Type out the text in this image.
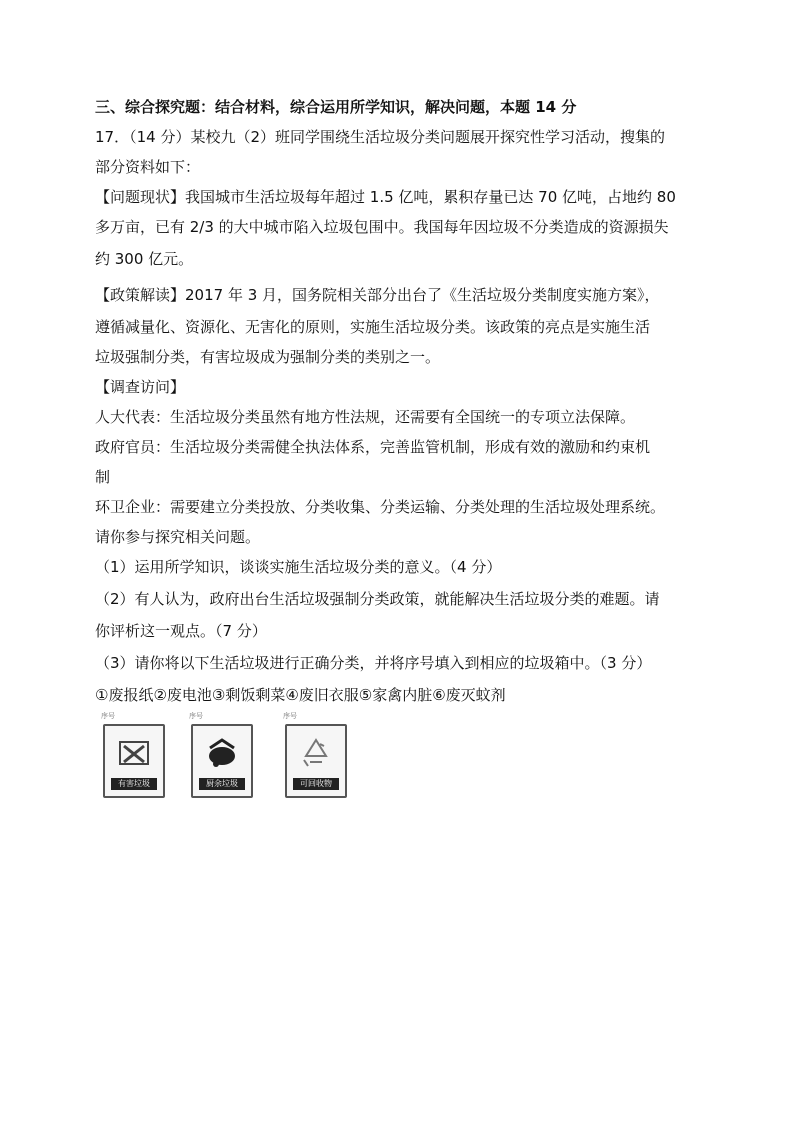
三、综合探究题：结合材料，综合运用所学知识，解决问题，本题 14 分
17．（14 分）某校九（2）班同学围绕生活垃圾分类问题展开探究性学习活动，搜集的
部分资料如下：
【问题现状】我国城市生活垃圾每年超过 1.5 亿吨，累积存量已达 70 亿吨，占地约 80
多万亩，已有 2/3 的大中城市陷入垃圾包围中。我国每年因垃圾不分类造成的资源损失
约 300 亿元。
【政策解读】2017 年 3 月，国务院相关部分出台了《生活垃圾分类制度实施方案》，
遵循减量化、资源化、无害化的原则，实施生活垃圾分类。该政策的亮点是实施生活
垃圾强制分类，有害垃圾成为强制分类的类别之一。
【调查访问】
人大代表：生活垃圾分类虽然有地方性法规，还需要有全国统一的专项立法保障。
政府官员：生活垃圾分类需健全执法体系，完善监管机制，形成有效的激励和约束机
制
环卫企业：需要建立分类投放、分类收集、分类运输、分类处理的生活垃圾处理系统。
请你参与探究相关问题。
（1）运用所学知识，谈谈实施生活垃圾分类的意义。（4 分）
（2）有人认为，政府出台生活垃圾强制分类政策，就能解决生活垃圾分类的难题。请
你评析这一观点。（7 分）
（3）请你将以下生活垃圾进行正确分类，并将序号填入到相应的垃圾箱中。（3 分）
①废报纸②废电池③剩饭剩菜④废旧衣服⑤家禽内脏⑥废灭蚊剂
序号
有害垃圾
序号
厨余垃圾
序号
可回收物
